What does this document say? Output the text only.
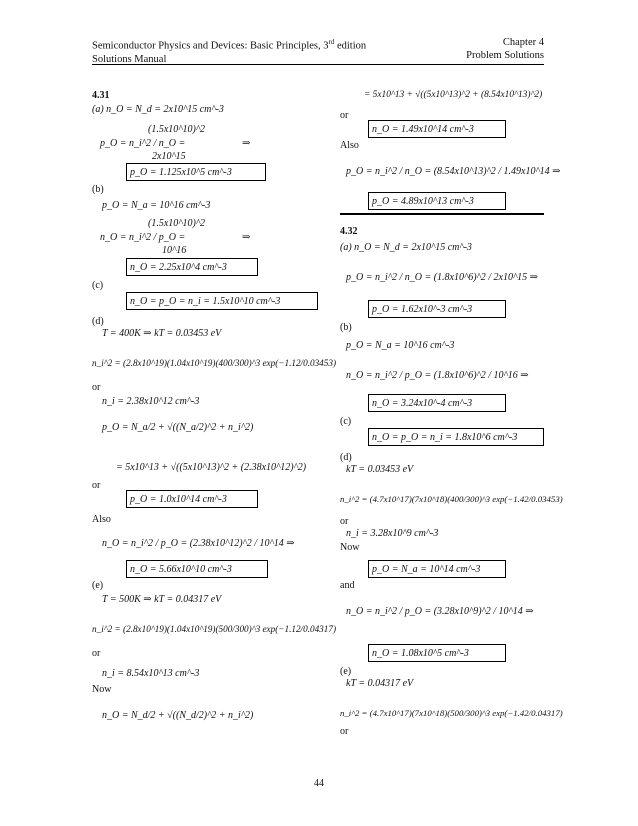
Semiconductor Physics and Devices: Basic Principles, 3rd edition
Solutions Manual
Chapter 4
Problem Solutions
4.31
(a) n_O = N_d = 2x10^15 cm^-3
(1.5x10^10)^2
p_O = n_i^2 / n_O =
2x10^15
⇒
p_O = 1.125x10^5 cm^-3
(b)
p_O = N_a = 10^16 cm^-3
(1.5x10^10)^2
n_O = n_i^2 / p_O =
10^16
⇒
n_O = 2.25x10^4 cm^-3
(c)
n_O = p_O = n_i = 1.5x10^10 cm^-3
(d)
T = 400K ⇒ kT = 0.03453 eV
n_i^2 = (2.8x10^19)(1.04x10^19)(400/300)^3 exp(−1.12/0.03453)
or
n_i = 2.38x10^12 cm^-3
p_O = N_a/2 + √((N_a/2)^2 + n_i^2)
= 5x10^13 + √((5x10^13)^2 + (2.38x10^12)^2)
or
p_O = 1.0x10^14 cm^-3
Also
n_O = n_i^2 / p_O = (2.38x10^12)^2 / 10^14 ⇒
n_O = 5.66x10^10 cm^-3
(e)
T = 500K ⇒ kT = 0.04317 eV
n_i^2 = (2.8x10^19)(1.04x10^19)(500/300)^3 exp(−1.12/0.04317)
or
n_i = 8.54x10^13 cm^-3
Now
n_O = N_d/2 + √((N_d/2)^2 + n_i^2)
= 5x10^13 + √((5x10^13)^2 + (8.54x10^13)^2)
or
n_O = 1.49x10^14 cm^-3
Also
p_O = n_i^2 / n_O = (8.54x10^13)^2 / 1.49x10^14 ⇒
p_O = 4.89x10^13 cm^-3
4.32
(a) n_O = N_d = 2x10^15 cm^-3
p_O = n_i^2 / n_O = (1.8x10^6)^2 / 2x10^15 ⇒
p_O = 1.62x10^-3 cm^-3
(b)
p_O = N_a = 10^16 cm^-3
n_O = n_i^2 / p_O = (1.8x10^6)^2 / 10^16 ⇒
n_O = 3.24x10^-4 cm^-3
(c)
n_O = p_O = n_i = 1.8x10^6 cm^-3
(d)
kT = 0.03453 eV
n_i^2 = (4.7x10^17)(7x10^18)(400/300)^3 exp(−1.42/0.03453)
or
n_i = 3.28x10^9 cm^-3
Now
p_O = N_a = 10^14 cm^-3
and
n_O = n_i^2 / p_O = (3.28x10^9)^2 / 10^14 ⇒
n_O = 1.08x10^5 cm^-3
(e)
kT = 0.04317 eV
n_i^2 = (4.7x10^17)(7x10^18)(500/300)^3 exp(−1.42/0.04317)
or
44
